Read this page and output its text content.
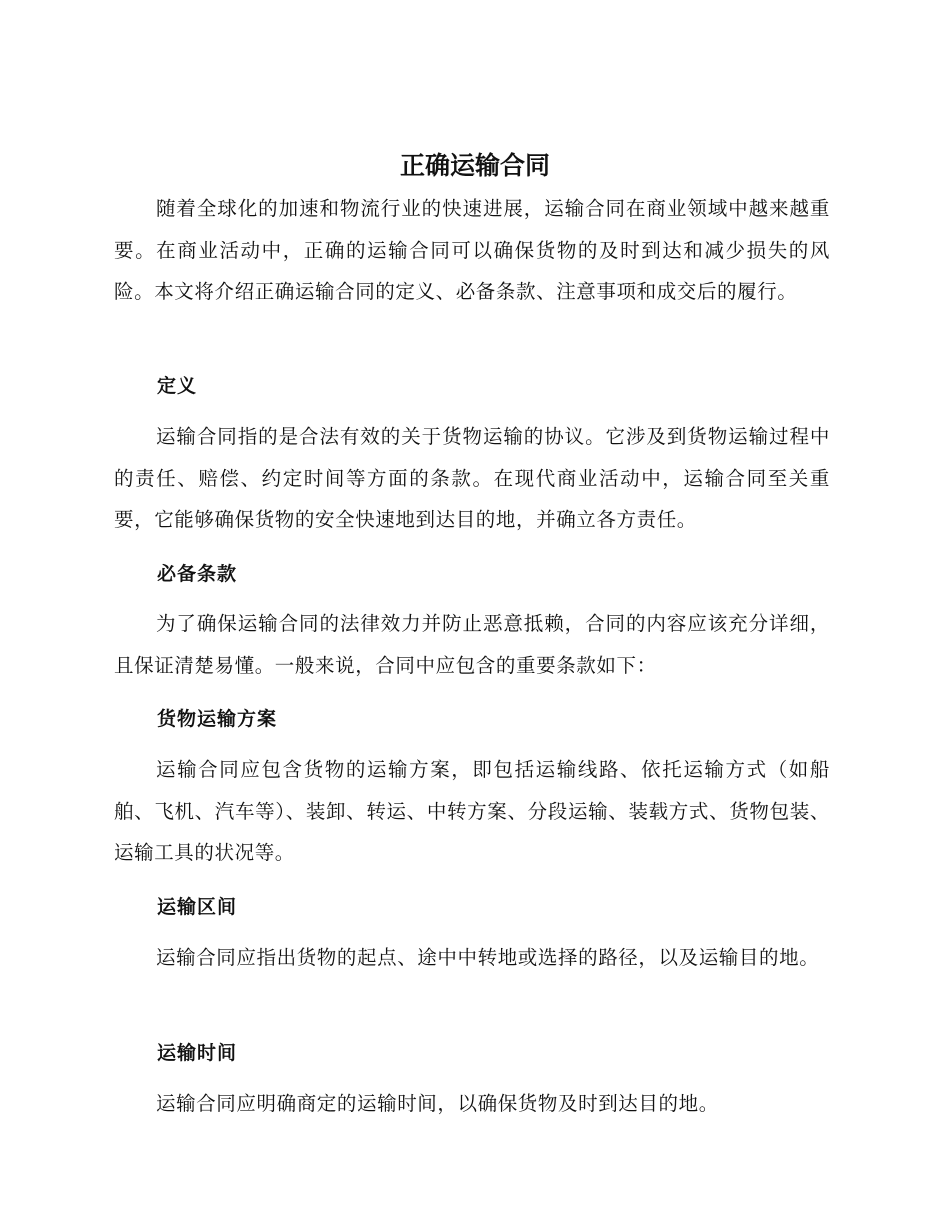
正确运输合同

随着全球化的加速和物流行业的快速进展，运输合同在商业领域中越来越重要。在商业活动中，正确的运输合同可以确保货物的及时到达和减少损失的风险。本文将介绍正确运输合同的定义、必备条款、注意事项和成交后的履行。

定义

运输合同指的是合法有效的关于货物运输的协议。它涉及到货物运输过程中的责任、赔偿、约定时间等方面的条款。在现代商业活动中，运输合同至关重要，它能够确保货物的安全快速地到达目的地，并确立各方责任。

必备条款

为了确保运输合同的法律效力并防止恶意抵赖，合同的内容应该充分详细，且保证清楚易懂。一般来说，合同中应包含的重要条款如下：

货物运输方案

运输合同应包含货物的运输方案，即包括运输线路、依托运输方式（如船舶、飞机、汽车等）、装卸、转运、中转方案、分段运输、装载方式、货物包装、运输工具的状况等。

运输区间

运输合同应指出货物的起点、途中中转地或选择的路径，以及运输目的地。

运输时间

运输合同应明确商定的运输时间，以确保货物及时到达目的地。
